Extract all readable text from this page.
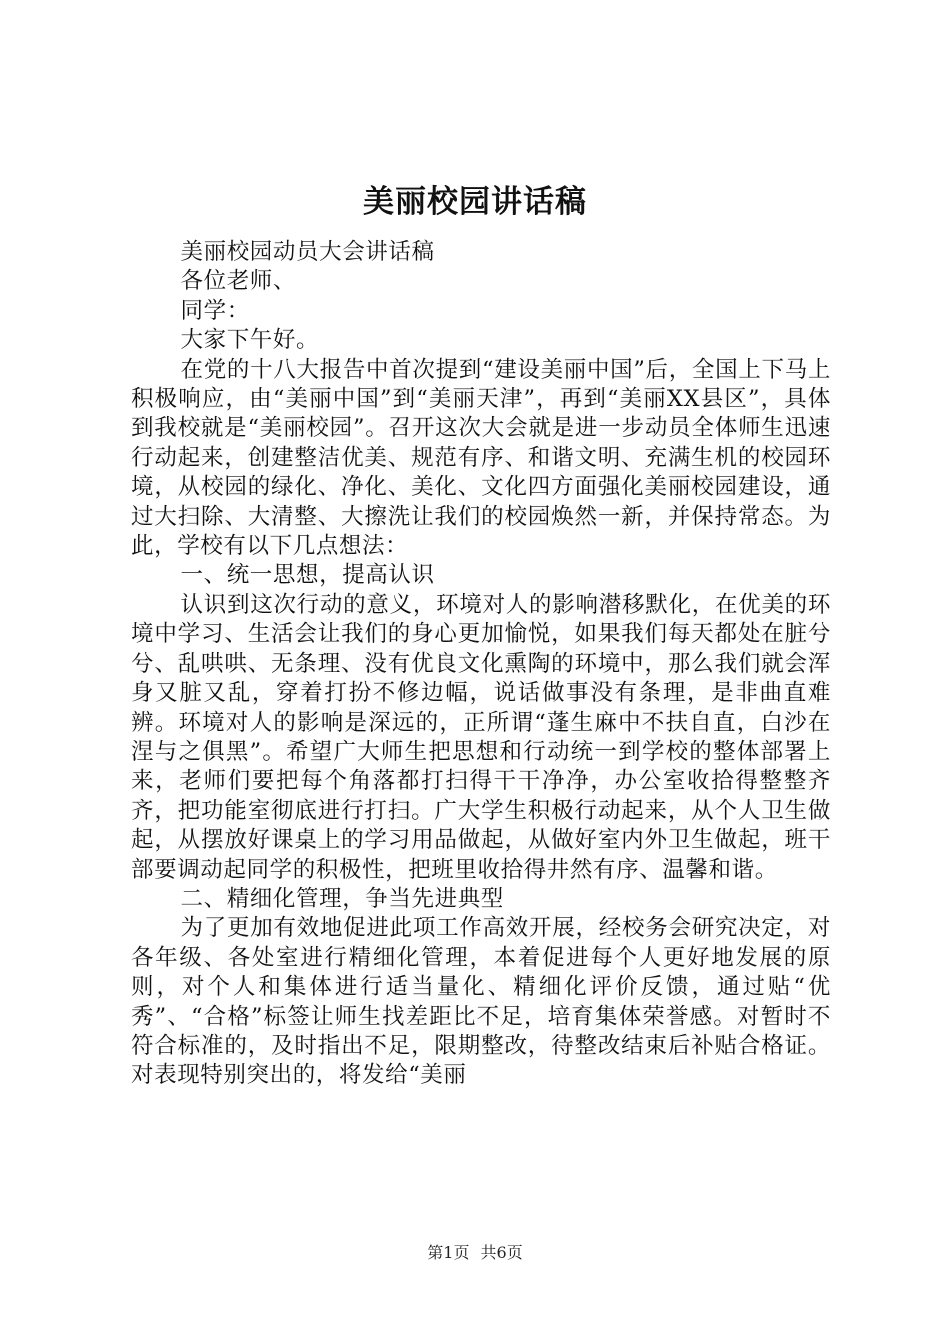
美丽校园讲话稿

美丽校园动员大会讲话稿

各位老师、

同学：

大家下午好。

在党的十八大报告中首次提到“建设美丽中国”后，全国上下马上积极响应，由“美丽中国”到“美丽天津”，再到“美丽XX县区”，具体到我校就是“美丽校园”。召开这次大会就是进一步动员全体师生迅速行动起来，创建整洁优美、规范有序、和谐文明、充满生机的校园环境，从校园的绿化、净化、美化、文化四方面强化美丽校园建设，通过大扫除、大清整、大擦洗让我们的校园焕然一新，并保持常态。为此，学校有以下几点想法：

一、统一思想，提高认识

认识到这次行动的意义，环境对人的影响潜移默化，在优美的环境中学习、生活会让我们的身心更加愉悦，如果我们每天都处在脏兮兮、乱哄哄、无条理、没有优良文化熏陶的环境中，那么我们就会浑身又脏又乱，穿着打扮不修边幅，说话做事没有条理，是非曲直难辨。环境对人的影响是深远的，正所谓“蓬生麻中不扶自直，白沙在涅与之俱黑”。希望广大师生把思想和行动统一到学校的整体部署上来，老师们要把每个角落都打扫得干干净净，办公室收拾得整整齐齐，把功能室彻底进行打扫。广大学生积极行动起来，从个人卫生做起，从摆放好课桌上的学习用品做起，从做好室内外卫生做起，班干部要调动起同学的积极性，把班里收拾得井然有序、温馨和谐。

二、精细化管理，争当先进典型

为了更加有效地促进此项工作高效开展，经校务会研究决定，对各年级、各处室进行精细化管理，本着促进每个人更好地发展的原则，对个人和集体进行适当量化、精细化评价反馈，通过贴“优秀”、“合格”标签让师生找差距比不足，培育集体荣誉感。对暂时不符合标准的，及时指出不足，限期整改，待整改结束后补贴合格证。对表现特别突出的，将发给“美丽

第1页 共6页
